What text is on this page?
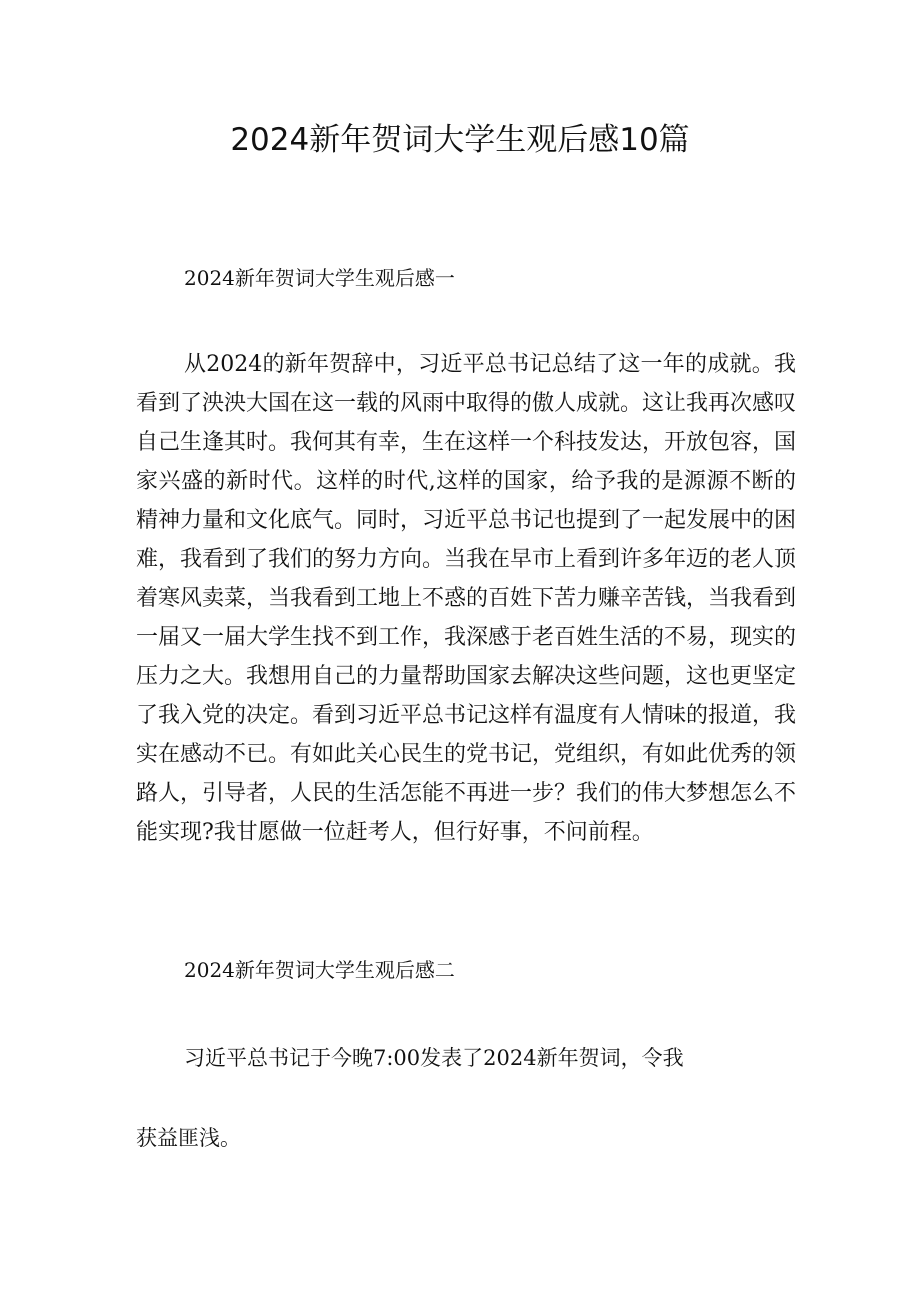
2024新年贺词大学生观后感10篇
2024新年贺词大学生观后感一

从2024的新年贺辞中，习近平总书记总结了这一年的成就。我看到了泱泱大国在这一载的风雨中取得的傲人成就。这让我再次感叹自己生逢其时。我何其有幸，生在这样一个科技发达，开放包容，国家兴盛的新时代。这样的时代,这样的国家，给予我的是源源不断的精神力量和文化底气。同时，习近平总书记也提到了一起发展中的困难，我看到了我们的努力方向。当我在早市上看到许多年迈的老人顶着寒风卖菜，当我看到工地上不惑的百姓下苦力赚辛苦钱，当我看到一届又一届大学生找不到工作，我深感于老百姓生活的不易，现实的压力之大。我想用自己的力量帮助国家去解决这些问题，这也更坚定了我入党的决定。看到习近平总书记这样有温度有人情味的报道，我实在感动不已。有如此关心民生的党书记，党组织，有如此优秀的领路人，引导者，人民的生活怎能不再进一步？我们的伟大梦想怎么不能实现?我甘愿做一位赶考人，但行好事，不问前程。

2024新年贺词大学生观后感二

习近平总书记于今晚7:00发表了2024新年贺词，令我

获益匪浅。
